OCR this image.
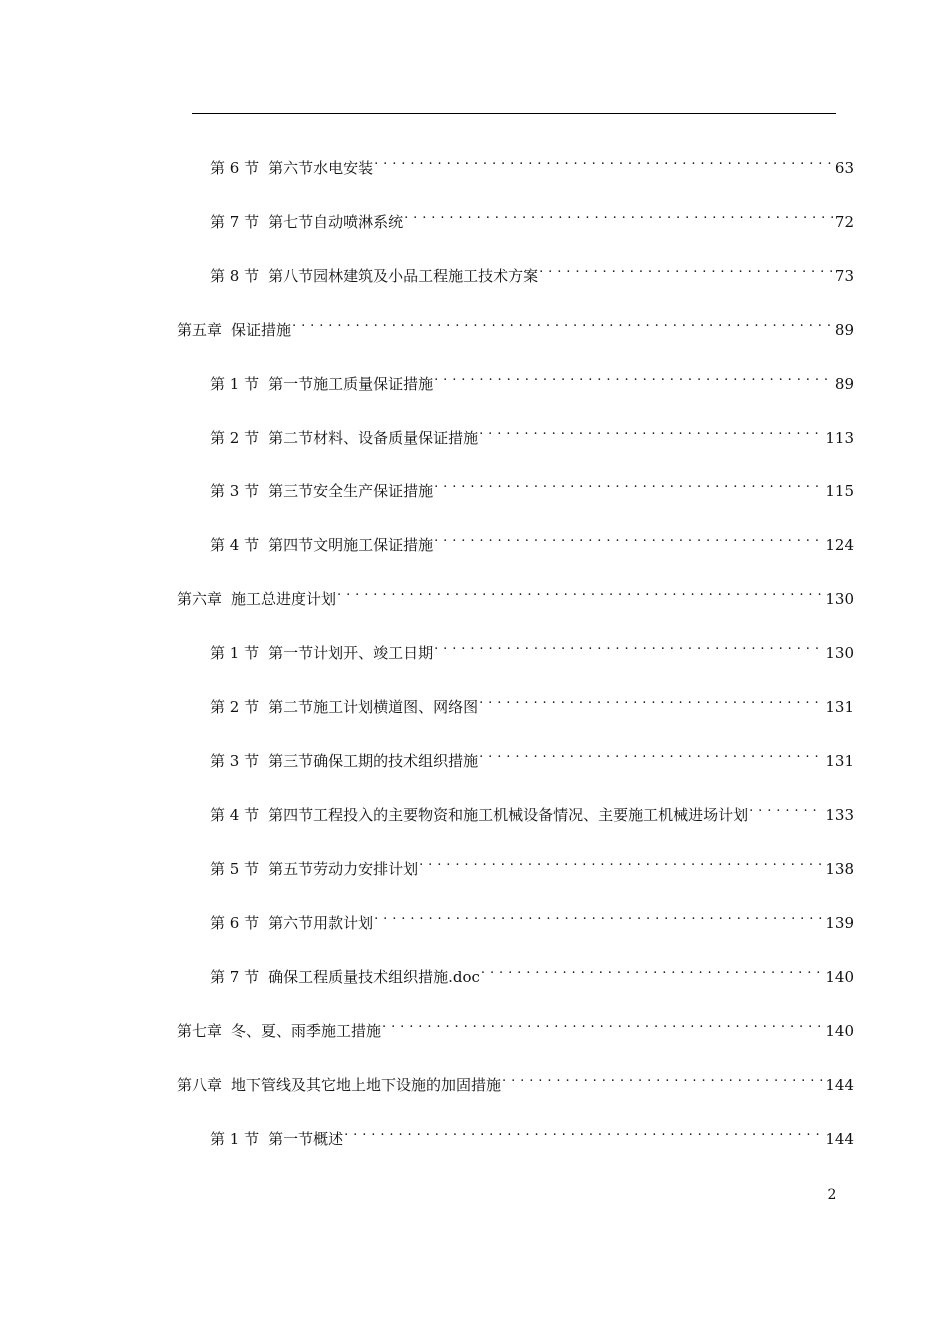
第 6 节 第六节水电安装 . . .	63
第 7 节 第七节自动喷淋系统 . . .	72
第 8 节 第八节园林建筑及小品工程施工技术方案 . . .	73
第五章 保证措施 . . .	89
第 1 节 第一节施工质量保证措施 . . .	89
第 2 节 第二节材料、设备质量保证措施 . . .	113
第 3 节 第三节安全生产保证措施 . . .	115
第 4 节 第四节文明施工保证措施 . . .	124
第六章 施工总进度计划 . . .	130
第 1 节 第一节计划开、竣工日期 . . .	130
第 2 节 第二节施工计划横道图、网络图 . . .	131
第 3 节 第三节确保工期的技术组织措施 . . .	131
第 4 节 第四节工程投入的主要物资和施工机械设备情况、主要施工机械进场计划 . . .	133
第 5 节 第五节劳动力安排计划 . . .	138
第 6 节 第六节用款计划 . . .	139
第 7 节 确保工程质量技术组织措施.doc . . .	140
第七章 冬、夏、雨季施工措施 . . .	140
第八章 地下管线及其它地上地下设施的加固措施 . . .	144
第 1 节 第一节概述 . . .	144
2
